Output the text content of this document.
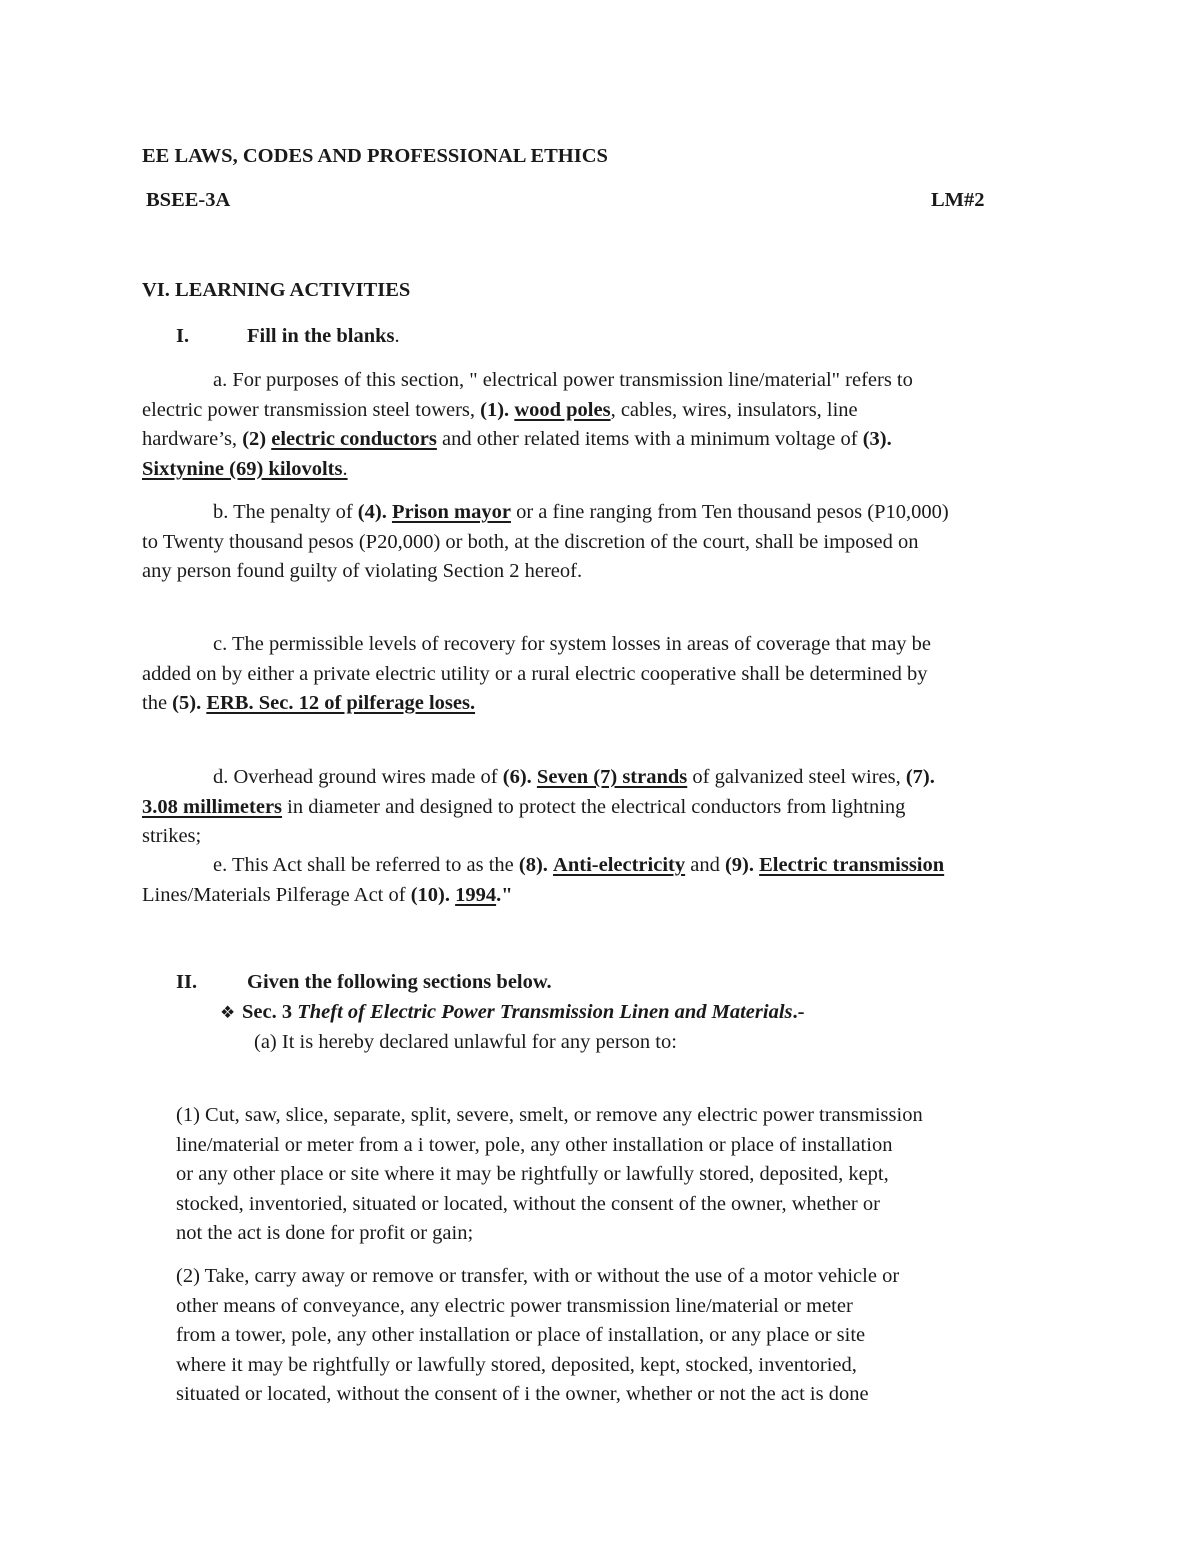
EE LAWS, CODES AND PROFESSIONAL ETHICS
BSEE-3A	LM#2
VI. LEARNING ACTIVITIES
I.	Fill in the blanks.

a. For purposes of this section, " electrical power transmission line/material" refers to

electric power transmission steel towers, (1). wood poles, cables, wires, insulators, line

hardware’s, (2) electric conductors and other related items with a minimum voltage of (3).

Sixtynine (69) kilovolts.

b. The penalty of (4). Prison mayor or a fine ranging from Ten thousand pesos (P10,000)

to Twenty thousand pesos (P20,000) or both, at the discretion of the court, shall be imposed on

any person found guilty of violating Section 2 hereof.

c. The permissible levels of recovery for system losses in areas of coverage that may be

added on by either a private electric utility or a rural electric cooperative shall be determined by

the (5). ERB. Sec. 12 of pilferage loses.

d. Overhead ground wires made of (6). Seven (7) strands of galvanized steel wires, (7).

3.08 millimeters in diameter and designed to protect the electrical conductors from lightning

strikes;

e. This Act shall be referred to as the (8). Anti-electricity and (9). Electric transmission

Lines/Materials Pilferage Act of (10). 1994."

II. Given the following sections below.
❖ Sec. 3 Theft of Electric Power Transmission Linen and Materials.-
(a) It is hereby declared unlawful for any person to:

(1) Cut, saw, slice, separate, split, severe, smelt, or remove any electric power transmission

line/material or meter from a i tower, pole, any other installation or place of installation

or any other place or site where it may be rightfully or lawfully stored, deposited, kept,

stocked, inventoried, situated or located, without the consent of the owner, whether or

not the act is done for profit or gain;

(2) Take, carry away or remove or transfer, with or without the use of a motor vehicle or

other means of conveyance, any electric power transmission line/material or meter

from a tower, pole, any other installation or place of installation, or any place or site

where it may be rightfully or lawfully stored, deposited, kept, stocked, inventoried,

situated or located, without the consent of i the owner, whether or not the act is done
